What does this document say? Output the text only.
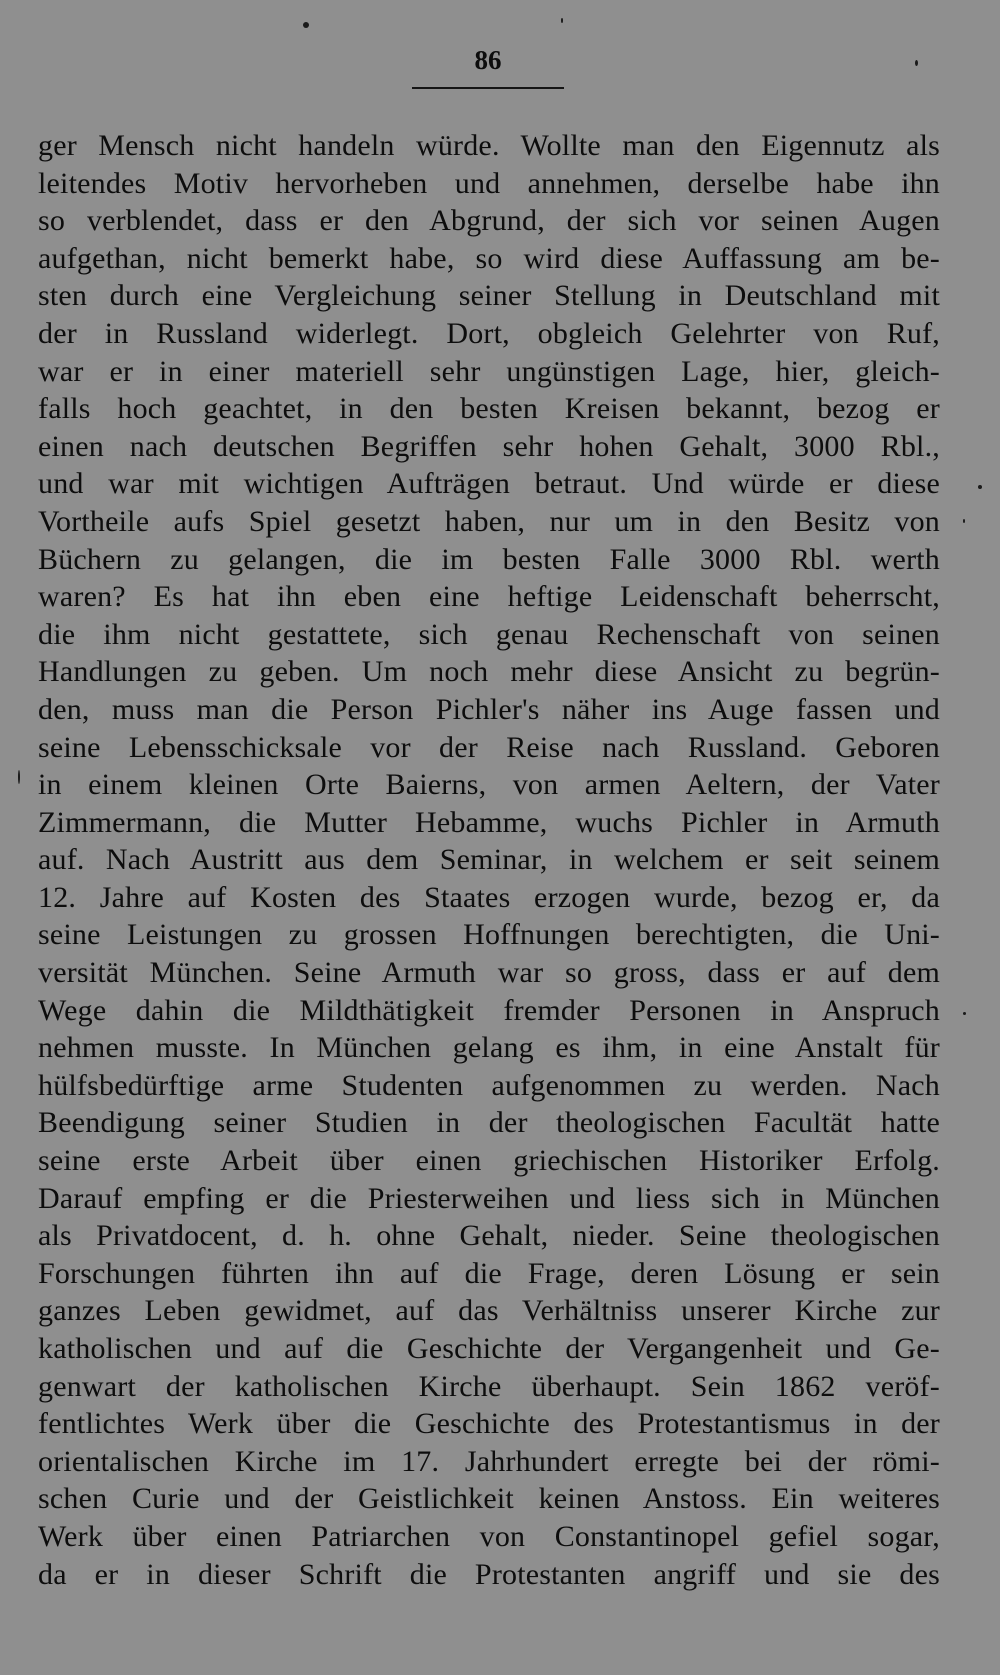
86
ger Mensch nicht handeln würde. Wollte man den Eigennutz als
leitendes Motiv hervorheben und annehmen, derselbe habe ihn
so verblendet, dass er den Abgrund, der sich vor seinen Augen
aufgethan, nicht bemerkt habe, so wird diese Auffassung am be-
sten durch eine Vergleichung seiner Stellung in Deutschland mit
der in Russland widerlegt. Dort, obgleich Gelehrter von Ruf,
war er in einer materiell sehr ungünstigen Lage, hier, gleich-
falls hoch geachtet, in den besten Kreisen bekannt, bezog er
einen nach deutschen Begriffen sehr hohen Gehalt, 3000 Rbl.,
und war mit wichtigen Aufträgen betraut. Und würde er diese
Vortheile aufs Spiel gesetzt haben, nur um in den Besitz von
Büchern zu gelangen, die im besten Falle 3000 Rbl. werth
waren? Es hat ihn eben eine heftige Leidenschaft beherrscht,
die ihm nicht gestattete, sich genau Rechenschaft von seinen
Handlungen zu geben. Um noch mehr diese Ansicht zu begrün-
den, muss man die Person Pichler's näher ins Auge fassen und
seine Lebensschicksale vor der Reise nach Russland. Geboren
in einem kleinen Orte Baierns, von armen Aeltern, der Vater
Zimmermann, die Mutter Hebamme, wuchs Pichler in Armuth
auf. Nach Austritt aus dem Seminar, in welchem er seit seinem
12. Jahre auf Kosten des Staates erzogen wurde, bezog er, da
seine Leistungen zu grossen Hoffnungen berechtigten, die Uni-
versität München. Seine Armuth war so gross, dass er auf dem
Wege dahin die Mildthätigkeit fremder Personen in Anspruch
nehmen musste. In München gelang es ihm, in eine Anstalt für
hülfsbedürftige arme Studenten aufgenommen zu werden. Nach
Beendigung seiner Studien in der theologischen Facultät hatte
seine erste Arbeit über einen griechischen Historiker Erfolg.
Darauf empfing er die Priesterweihen und liess sich in München
als Privatdocent, d. h. ohne Gehalt, nieder. Seine theologischen
Forschungen führten ihn auf die Frage, deren Lösung er sein
ganzes Leben gewidmet, auf das Verhältniss unserer Kirche zur
katholischen und auf die Geschichte der Vergangenheit und Ge-
genwart der katholischen Kirche überhaupt. Sein 1862 veröf-
fentlichtes Werk über die Geschichte des Protestantismus in der
orientalischen Kirche im 17. Jahrhundert erregte bei der römi-
schen Curie und der Geistlichkeit keinen Anstoss. Ein weiteres
Werk über einen Patriarchen von Constantinopel gefiel sogar,
da er in dieser Schrift die Protestanten angriff und sie des
